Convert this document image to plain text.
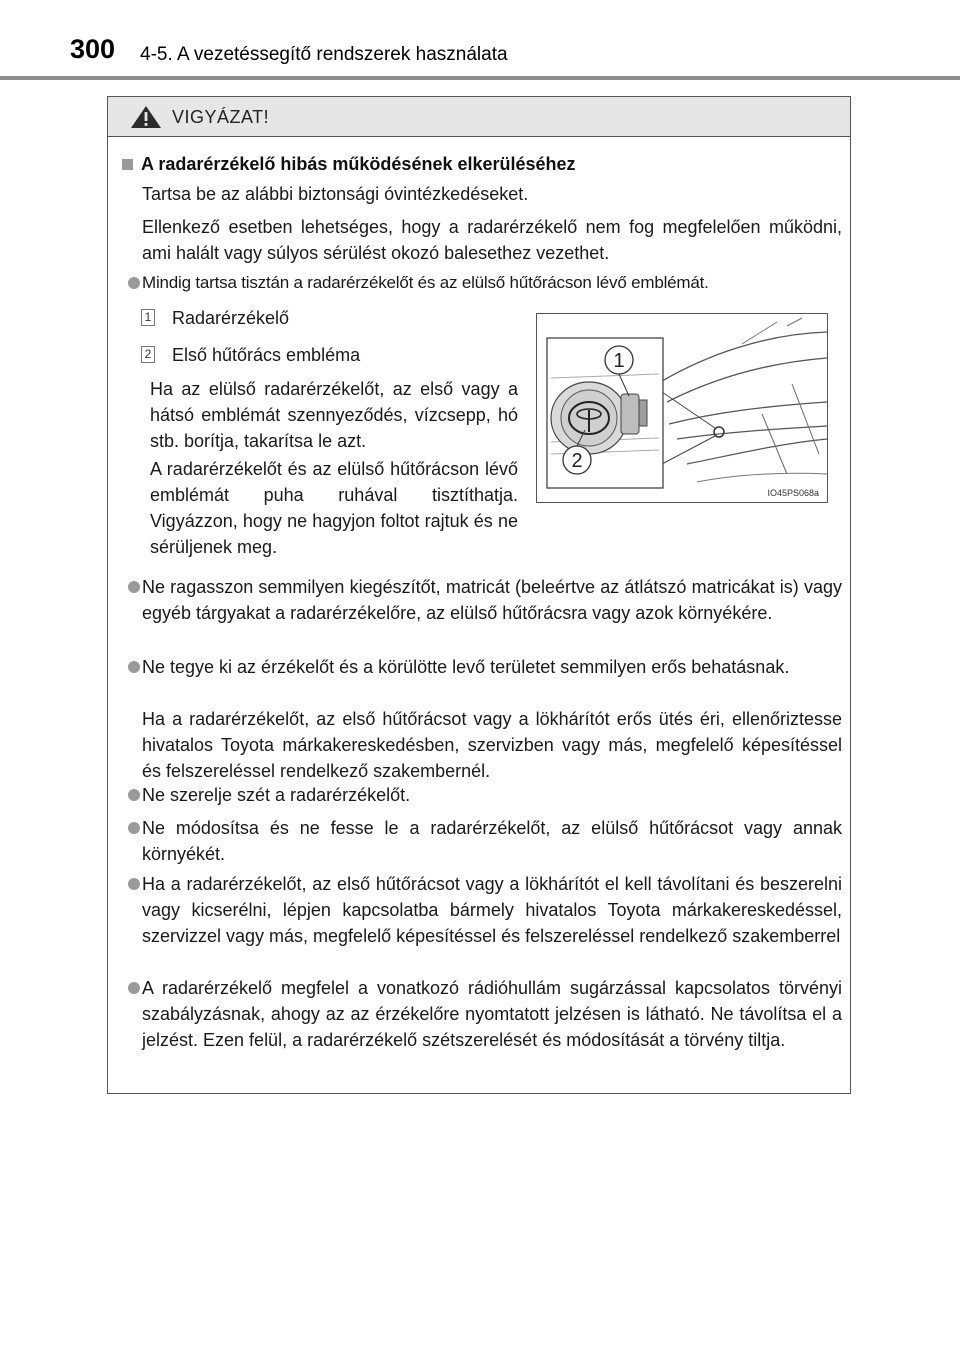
300 4-5. A vezetéssegítő rendszerek használata
VIGYÁZAT!
A radarérzékelő hibás működésének elkerüléséhez
Tartsa be az alábbi biztonsági óvintézkedéseket.
Ellenkező esetben lehetséges, hogy a radarérzékelő nem fog megfelelően működni, ami halált vagy súlyos sérülést okozó balesethez vezethet.
Mindig tartsa tisztán a radarérzékelőt és az elülső hűtőrácson lévő emblémát.
1 Radarérzékelő
2 Első hűtőrács embléma
Ha az elülső radarérzékelőt, az első vagy a hátsó emblémát szennyeződés, vízcsepp, hó stb. borítja, takarítsa le azt.
A radarérzékelőt és az elülső hűtőrácson lévő emblémát puha ruhával tisztíthatja. Vigyázzon, hogy ne hagyjon foltot rajtuk és ne sérüljenek meg.
1
2
IO45PS068a
Ne ragasszon semmilyen kiegészítőt, matricát (beleértve az átlátszó matricákat is) vagy egyéb tárgyakat a radarérzékelőre, az elülső hűtőrácsra vagy azok környékére.
Ne tegye ki az érzékelőt és a körülötte levő területet semmilyen erős behatásnak.
Ha a radarérzékelőt, az első hűtőrácsot vagy a lökhárítót erős ütés éri, ellenőriztesse hivatalos Toyota márkakereskedésben, szervizben vagy más, megfelelő képesítéssel és felszereléssel rendelkező szakembernél.
Ne szerelje szét a radarérzékelőt.
Ne módosítsa és ne fesse le a radarérzékelőt, az elülső hűtőrácsot vagy annak környékét.
Ha a radarérzékelőt, az első hűtőrácsot vagy a lökhárítót el kell távolítani és beszerelni vagy kicserélni, lépjen kapcsolatba bármely hivatalos Toyota márkakereskedéssel, szervizzel vagy más, megfelelő képesítéssel és felszereléssel rendelkező szakemberrel
A radarérzékelő megfelel a vonatkozó rádióhullám sugárzással kapcsolatos törvényi szabályzásnak, ahogy az az érzékelőre nyomtatott jelzésen is látható. Ne távolítsa el a jelzést. Ezen felül, a radarérzékelő szétszerelését és módosítását a törvény tiltja.
